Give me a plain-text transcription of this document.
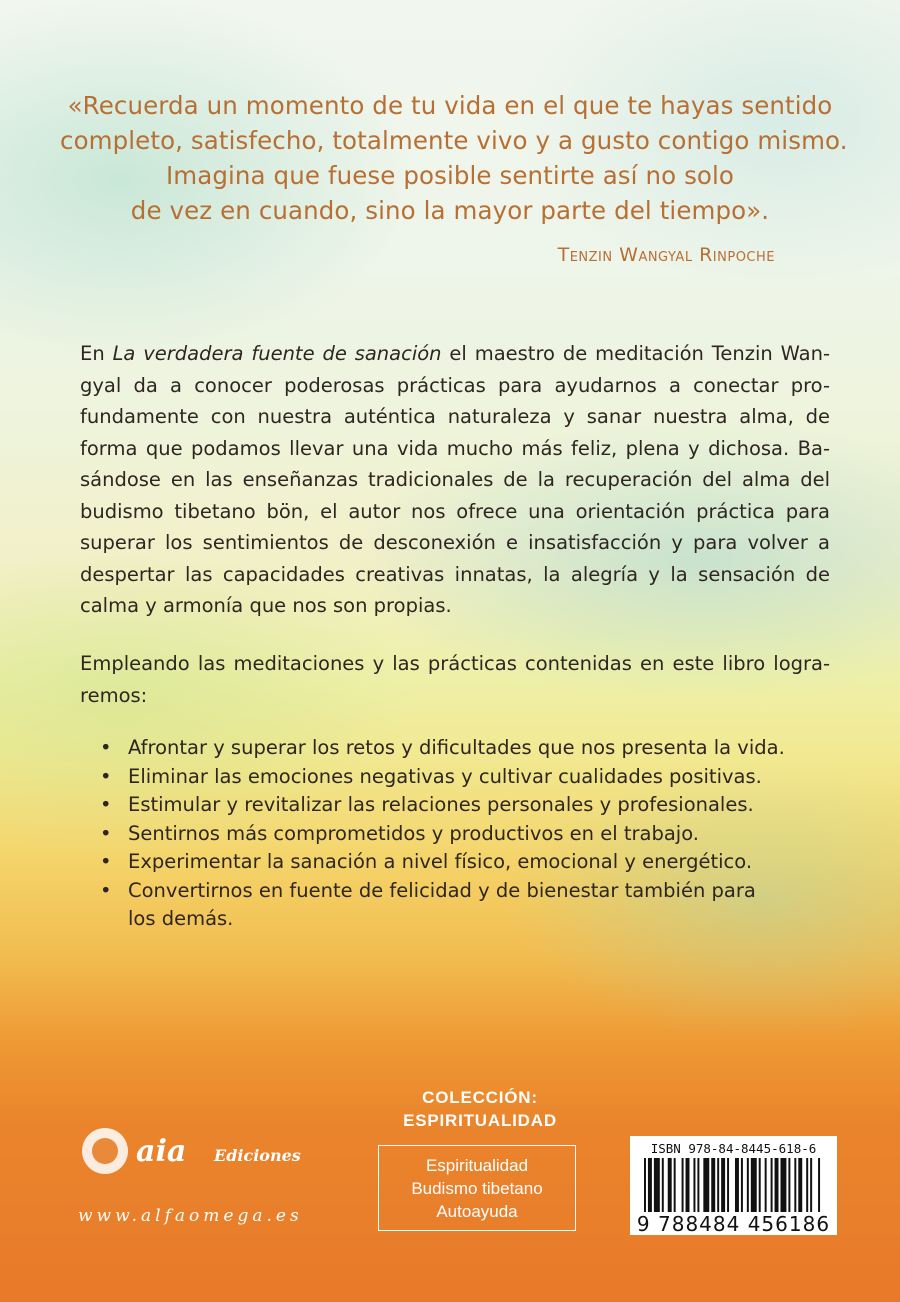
«Recuerda un momento de tu vida en el que te hayas sentido
completo, satisfecho, totalmente vivo y a gusto contigo mismo.
Imagina que fuese posible sentirte así no solo
de vez en cuando, sino la mayor parte del tiempo».
Tenzin Wangyal Rinpoche
En La verdadera fuente de sanación el maestro de meditación Tenzin Wan-
gyal da a conocer poderosas prácticas para ayudarnos a conectar pro-
fundamente con nuestra auténtica naturaleza y sanar nuestra alma, de
forma que podamos llevar una vida mucho más feliz, plena y dichosa. Ba-
sándose en las enseñanzas tradicionales de la recuperación del alma del
budismo tibetano bön, el autor nos ofrece una orientación práctica para
superar los sentimientos de desconexión e insatisfacción y para volver a
despertar las capacidades creativas innatas, la alegría y la sensación de
calma y armonía que nos son propias.
Empleando las meditaciones y las prácticas contenidas en este libro logra-
remos:
• Afrontar y superar los retos y dificultades que nos presenta la vida.
• Eliminar las emociones negativas y cultivar cualidades positivas.
• Estimular y revitalizar las relaciones personales y profesionales.
• Sentirnos más comprometidos y productivos en el trabajo.
• Experimentar la sanación a nivel físico, emocional y energético.
• Convertirnos en fuente de felicidad y de bienestar también para
los demás.
aia Ediciones
www.alfaomega.es
COLECCIÓN:
ESPIRITUALIDAD
Espiritualidad
Budismo tibetano
Autoayuda
ISBN 978-84-8445-618-6
9 788484 456186
